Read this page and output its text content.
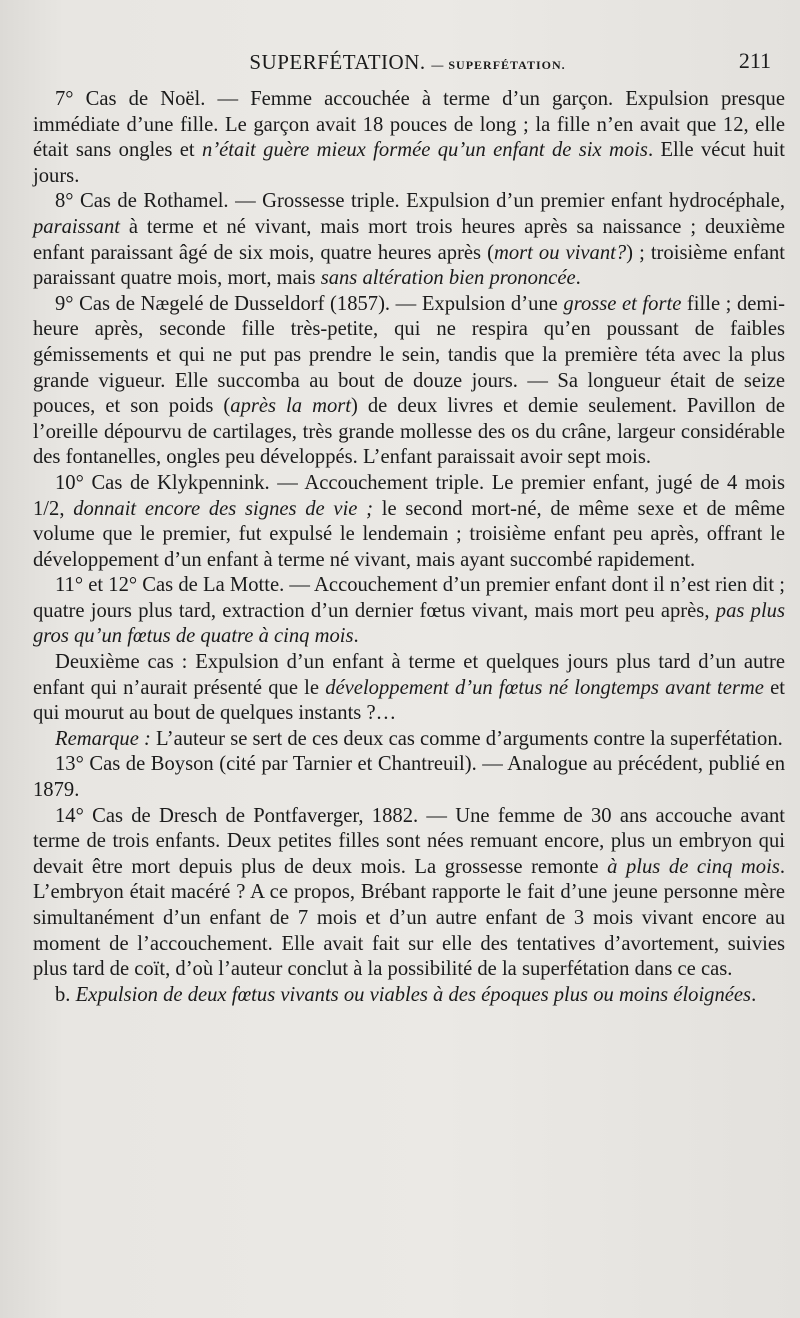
SUPERFÉTATION. — SUPERFÉTATION.	211

7° Cas de Noël. — Femme accouchée à terme d’un garçon. Expulsion presque immédiate d’une fille. Le garçon avait 18 pouces de long ; la fille n’en avait que 12, elle était sans ongles et n’était guère mieux formée qu’un enfant de six mois. Elle vécut huit jours.

8° Cas de Rothamel. — Grossesse triple. Expulsion d’un premier enfant hydrocéphale, paraissant à terme et né vivant, mais mort trois heures après sa naissance ; deuxième enfant paraissant âgé de six mois, quatre heures après (mort ou vivant?) ; troisième enfant paraissant quatre mois, mort, mais sans altération bien prononcée.

9° Cas de Nægelé de Dusseldorf (1857). — Expulsion d’une grosse et forte fille ; demi-heure après, seconde fille très-petite, qui ne respira qu’en poussant de faibles gémissements et qui ne put pas prendre le sein, tandis que la première téta avec la plus grande vigueur. Elle succomba au bout de douze jours. — Sa longueur était de seize pouces, et son poids (après la mort) de deux livres et demie seulement. Pavillon de l’oreille dépourvu de cartilages, très grande mollesse des os du crâne, largeur considérable des fontanelles, ongles peu développés. L’enfant paraissait avoir sept mois.

10° Cas de Klykpennink. — Accouchement triple. Le premier enfant, jugé de 4 mois 1/2, donnait encore des signes de vie ; le second mort-né, de même sexe et de même volume que le premier, fut expulsé le lendemain ; troisième enfant peu après, offrant le développement d’un enfant à terme né vivant, mais ayant succombé rapidement.

11° et 12° Cas de La Motte. — Accouchement d’un premier enfant dont il n’est rien dit ; quatre jours plus tard, extraction d’un dernier fœtus vivant, mais mort peu après, pas plus gros qu’un fœtus de quatre à cinq mois.

Deuxième cas : Expulsion d’un enfant à terme et quelques jours plus tard d’un autre enfant qui n’aurait présenté que le développement d’un fœtus né longtemps avant terme et qui mourut au bout de quelques instants ?…

Remarque : L’auteur se sert de ces deux cas comme d’arguments contre la superfétation.

13° Cas de Boyson (cité par Tarnier et Chantreuil). — Analogue au précédent, publié en 1879.

14° Cas de Dresch de Pontfaverger, 1882. — Une femme de 30 ans accouche avant terme de trois enfants. Deux petites filles sont nées remuant encore, plus un embryon qui devait être mort depuis plus de deux mois. La grossesse remonte à plus de cinq mois. L’embryon était macéré ? A ce propos, Brébant rapporte le fait d’une jeune personne mère simultanément d’un enfant de 7 mois et d’un autre enfant de 3 mois vivant encore au moment de l’accouchement. Elle avait fait sur elle des tentatives d’avortement, suivies plus tard de coït, d’où l’auteur conclut à la possibilité de la superfétation dans ce cas.

b. Expulsion de deux fœtus vivants ou viables à des époques plus ou moins éloignées.
